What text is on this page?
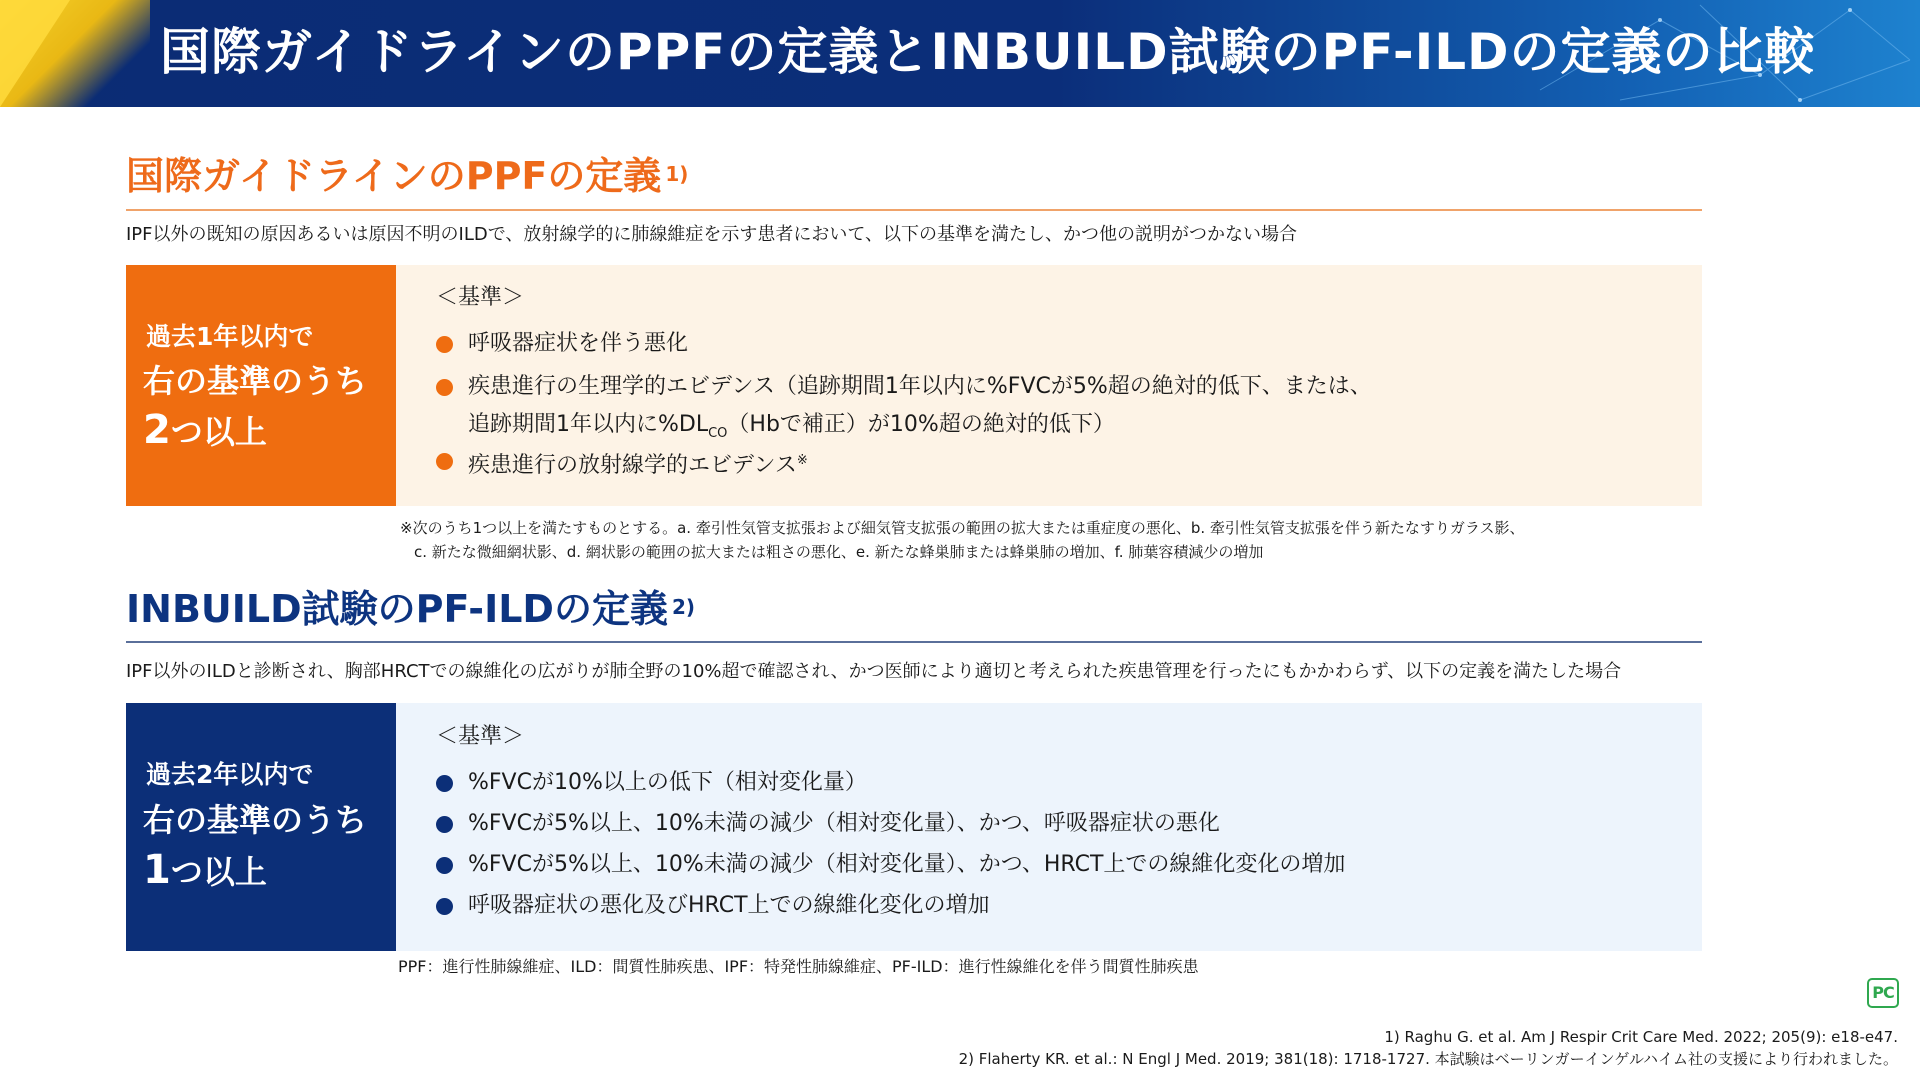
国際ガイドラインのPPFの定義とINBUILD試験のPF-ILDの定義の比較
国際ガイドラインのPPFの定義 $^{1)}$
IPF以外の既知の原因あるいは原因不明のILDで、放射線学的に肺線維症を示す患者において、以下の基準を満たし、かつ他の説明がつかない場合
過去1年以内で
右の基準のうち
2つ以上
＜基準＞
呼吸器症状を伴う悪化
疾患進行の生理学的エビデンス（追跡期間1年以内に%FVCが5%超の絶対的低下、または、
追跡期間1年以内に$\%DL_{CO}(Hb$で補正）が10%超の絶対的低下）
疾患進行の放射線学的エビデンス※
※次のうち1つ以上を満たすものとする。a. 牽引性気管支拡張および細気管支拡張の範囲の拡大または重症度の悪化、b. 牽引性気管支拡張を伴う新たなすりガラス影、
c. 新たな微細網状影、d. 網状影の範囲の拡大または粗さの悪化、e. 新たな蜂巣肺または蜂巣肺の増加、f. 肺葉容積減少の増加
INBUILD試験のPF-ILDの定義 $^{2)}$
IPF以外のILDと診断され、胸部HRCTでの線維化の広がりが肺全野の10%超で確認され、かつ医師により適切と考えられた疾患管理を行ったにもかかわらず、以下の定義を満たした場合
過去2年以内で
右の基準のうち
1つ以上
＜基準＞
%FVCが10%以上の低下（相対変化量）
%FVCが5%以上、10%未満の減少（相対変化量）、かつ、呼吸器症状の悪化
%FVCが5%以上、10%未満の減少（相対変化量）、かつ、HRCT上での線維化変化の増加
呼吸器症状の悪化及びHRCT上での線維化変化の増加
PPF：進行性肺線維症、ILD：間質性肺疾患、IPF：特発性肺線維症、PF-ILD：進行性線維化を伴う間質性肺疾患
PC
1) Raghu G. et al. Am J Respir Crit Care Med. 2022; 205(9): e18-e47.
2) Flaherty KR. et al.: N Engl J Med. 2019; 381(18): 1718-1727. 本試験はベーリンガーインゲルハイム社の支援により行われました。
